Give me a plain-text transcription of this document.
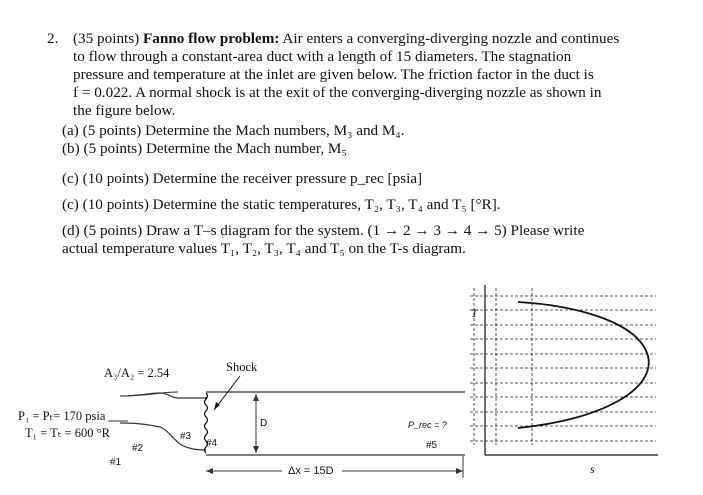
2. (35 points) Fanno flow problem: Air enters a converging-diverging nozzle and continues
to flow through a constant-area duct with a length of 15 diameters. The stagnation
pressure and temperature at the inlet are given below. The friction factor in the duct is
f = 0.022. A normal shock is at the exit of the converging-diverging nozzle as shown in
the figure below.
(a) (5 points) Determine the Mach numbers, M₃ and M₄.
(b) (5 points) Determine the Mach number, M₅
(c) (10 points) Determine the receiver pressure p_rec [psia]
(c) (10 points) Determine the static temperatures, T₂, T₃, T₄ and T₅ [°R].
(d) (5 points) Draw a T–s diagram for the system. (1 → 2 → 3 → 4 → 5) Please write
actual temperature values T₁, T₂, T₃, T₄ and T₅ on the T-s diagram.
A₃/A₂ = 2.54	Shock
P₁ = Pₜ= 170 psia
T₁ = Tₜ = 600 °R
#1
#2
#3
#4	#5
D	P_rec = ?
Δx = 15D
T
s
